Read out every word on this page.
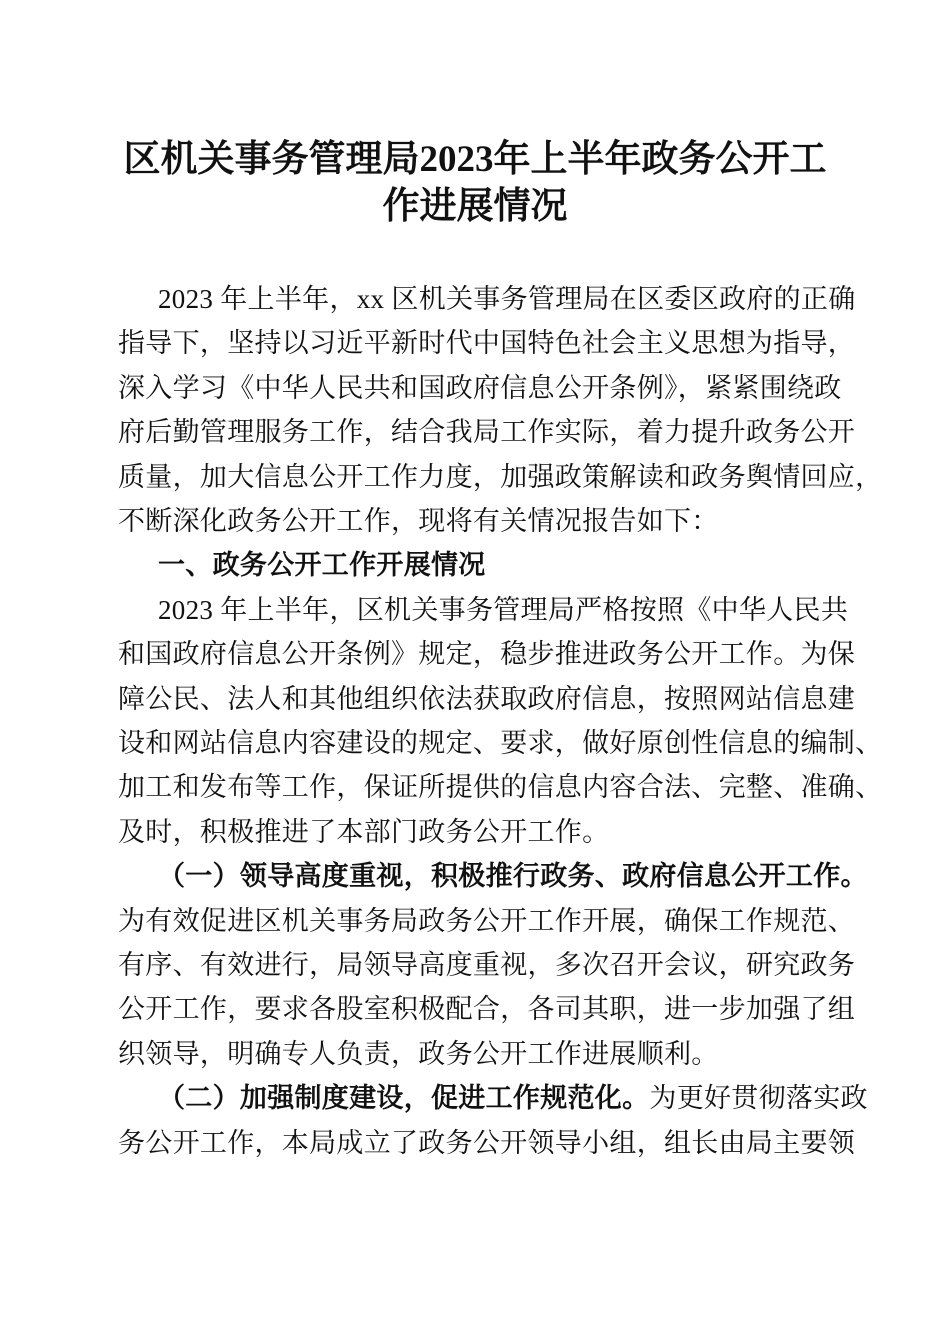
区机关事务管理局2023年上半年政务公开工
作进展情况
2023 年上半年，xx 区机关事务管理局在区委区政府的正确
指导下，坚持以习近平新时代中国特色社会主义思想为指导，
深入学习《中华人民共和国政府信息公开条例》，紧紧围绕政
府后勤管理服务工作，结合我局工作实际，着力提升政务公开
质量，加大信息公开工作力度，加强政策解读和政务舆情回应，
不断深化政务公开工作，现将有关情况报告如下：
一、政务公开工作开展情况
2023 年上半年，区机关事务管理局严格按照《中华人民共
和国政府信息公开条例》规定，稳步推进政务公开工作。为保
障公民、法人和其他组织依法获取政府信息，按照网站信息建
设和网站信息内容建设的规定、要求，做好原创性信息的编制、
加工和发布等工作，保证所提供的信息内容合法、完整、准确、
及时，积极推进了本部门政务公开工作。
（一）领导高度重视，积极推行政务、政府信息公开工作。
为有效促进区机关事务局政务公开工作开展，确保工作规范、
有序、有效进行，局领导高度重视，多次召开会议，研究政务
公开工作，要求各股室积极配合，各司其职，进一步加强了组
织领导，明确专人负责，政务公开工作进展顺利。
（二）加强制度建设，促进工作规范化。为更好贯彻落实政
务公开工作，本局成立了政务公开领导小组，组长由局主要领
